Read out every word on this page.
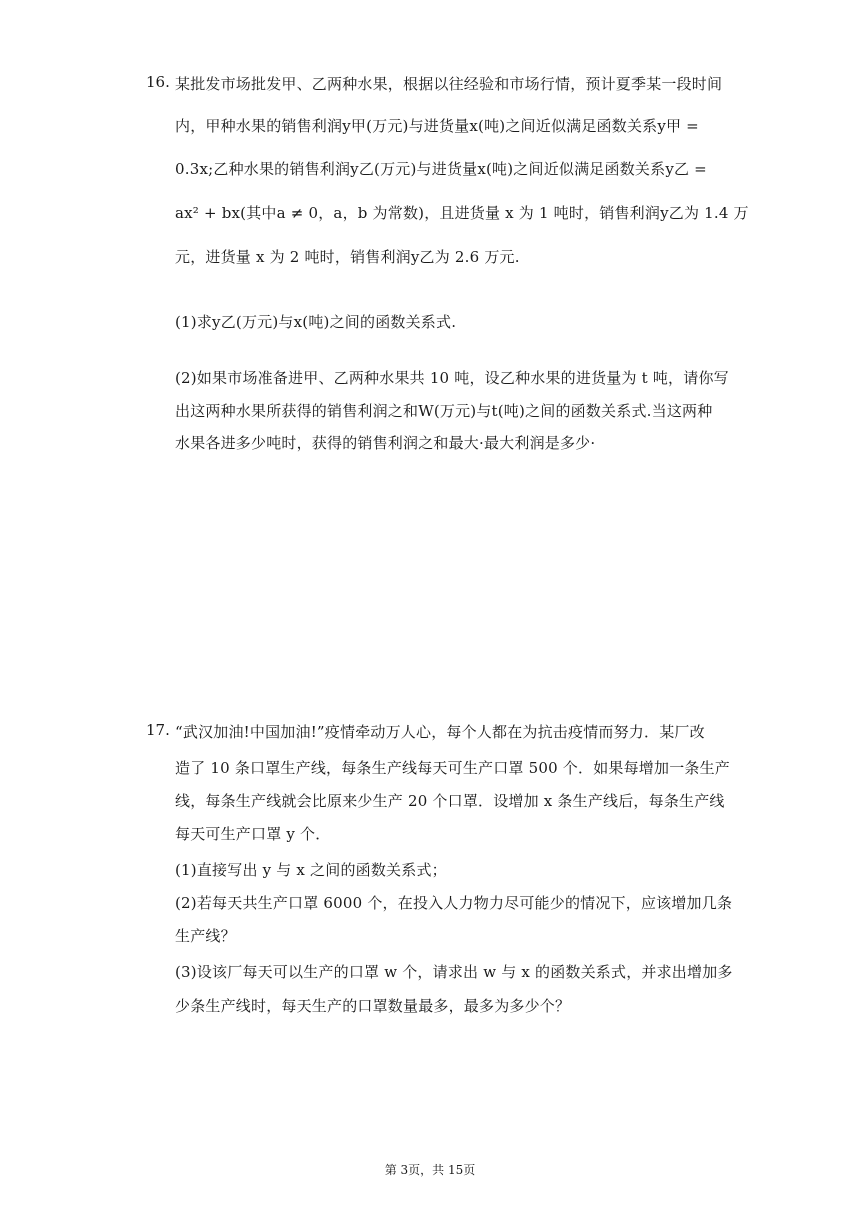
16. 某批发市场批发甲、乙两种水果，根据以往经验和市场行情，预计夏季某一段时间
内，甲种水果的销售利润y甲(万元)与进货量x(吨)之间近似满足函数关系y甲 =
0.3x;乙种水果的销售利润y乙(万元)与进货量x(吨)之间近似满足函数关系y乙 =
ax² + bx(其中a ≠ 0，a，b 为常数)，且进货量 x 为 1 吨时，销售利润y乙为 1.4 万
元，进货量 x 为 2 吨时，销售利润y乙为 2.6 万元.
(1)求y乙(万元)与x(吨)之间的函数关系式.
(2)如果市场准备进甲、乙两种水果共 10 吨，设乙种水果的进货量为 t 吨，请你写
出这两种水果所获得的销售利润之和W(万元)与t(吨)之间的函数关系式.当这两种
水果各进多少吨时，获得的销售利润之和最大·最大利润是多少·
17. “武汉加油!中国加油!”疫情牵动万人心，每个人都在为抗击疫情而努力．某厂改
造了 10 条口罩生产线，每条生产线每天可生产口罩 500 个．如果每增加一条生产
线，每条生产线就会比原来少生产 20 个口罩．设增加 x 条生产线后，每条生产线
每天可生产口罩 y 个．
(1)直接写出 y 与 x 之间的函数关系式；
(2)若每天共生产口罩 6000 个，在投入人力物力尽可能少的情况下，应该增加几条
生产线？
(3)设该厂每天可以生产的口罩 w 个，请求出 w 与 x 的函数关系式，并求出增加多
少条生产线时，每天生产的口罩数量最多，最多为多少个？
第 3页，共 15页
